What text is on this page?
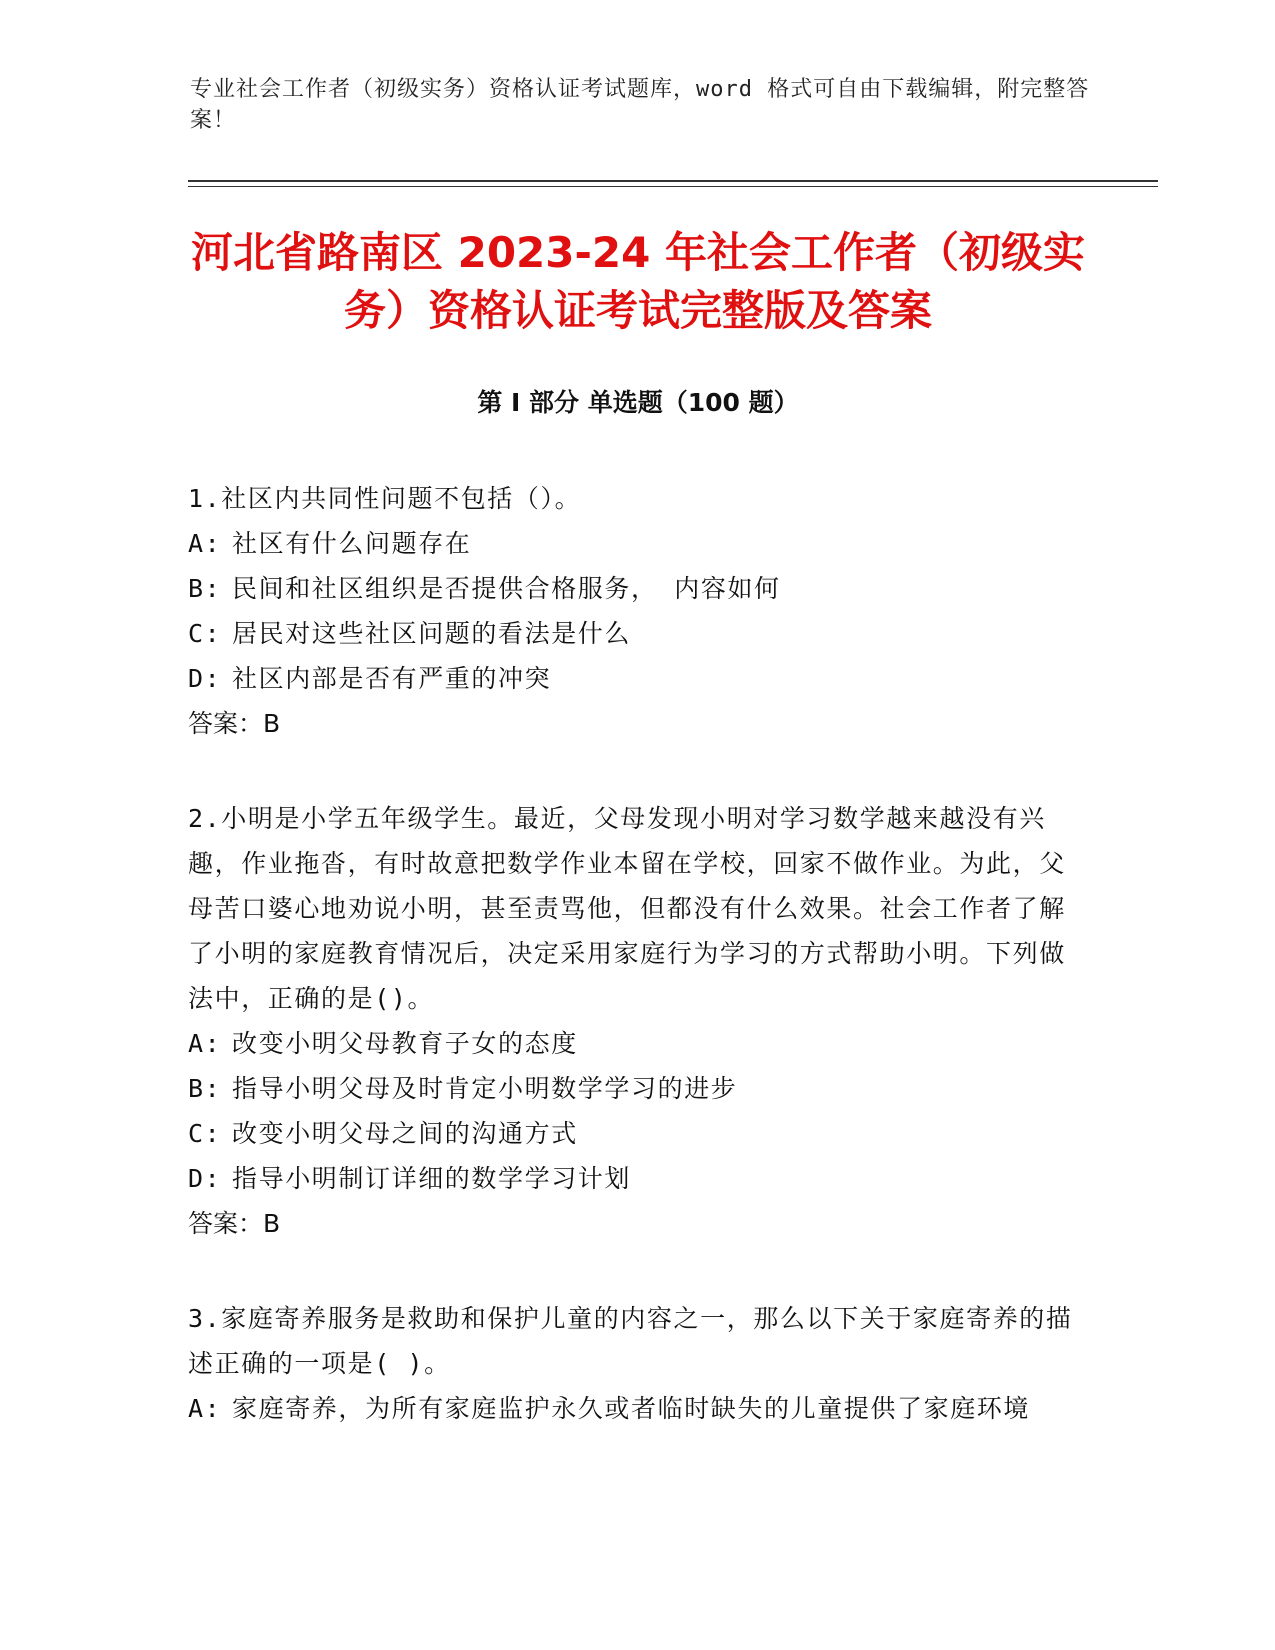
专业社会工作者（初级实务）资格认证考试题库，word 格式可自由下载编辑，附完整答案！
河北省路南区 2023-24 年社会工作者（初级实务）资格认证考试完整版及答案
第 I 部分 单选题（100 题）
1.社区内共同性问题不包括（）。
A: 社区有什么问题存在
B: 民间和社区组织是否提供合格服务， 内容如何
C: 居民对这些社区问题的看法是什么
D: 社区内部是否有严重的冲突
答案：B
2.小明是小学五年级学生。最近，父母发现小明对学习数学越来越没有兴趣，作业拖沓，有时故意把数学作业本留在学校，回家不做作业。为此，父母苦口婆心地劝说小明，甚至责骂他，但都没有什么效果。社会工作者了解了小明的家庭教育情况后，决定采用家庭行为学习的方式帮助小明。下列做法中，正确的是()。
A: 改变小明父母教育子女的态度
B: 指导小明父母及时肯定小明数学学习的进步
C: 改变小明父母之间的沟通方式
D: 指导小明制订详细的数学学习计划
答案：B
3.家庭寄养服务是救助和保护儿童的内容之一，那么以下关于家庭寄养的描述正确的一项是( )。
A: 家庭寄养，为所有家庭监护永久或者临时缺失的儿童提供了家庭环境
